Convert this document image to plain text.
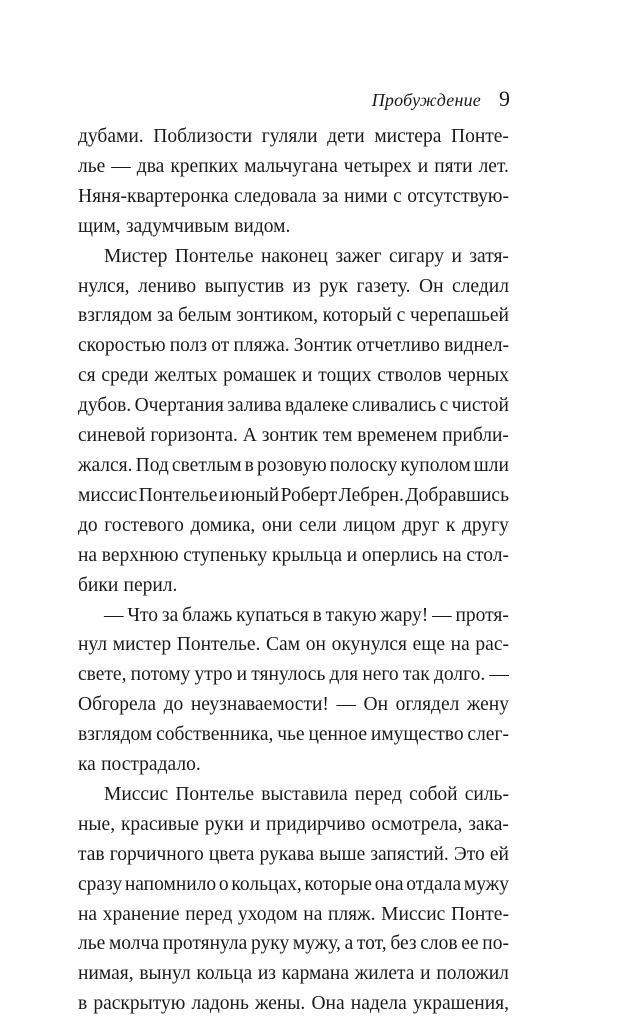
Пробуждение 9
дубами. Поблизости гуляли дети мистера Понте-
лье — два крепких мальчугана четырех и пяти лет.
Няня-квартеронка следовала за ними с отсутствую-
щим, задумчивым видом.
Мистер Понтелье наконец зажег сигару и затя-
нулся, лениво выпустив из рук газету. Он следил
взглядом за белым зонтиком, который с черепашьей
скоростью полз от пляжа. Зонтик отчетливо виднел-
ся среди желтых ромашек и тощих стволов черных
дубов. Очертания залива вдалеке сливались с чистой
синевой горизонта. А зонтик тем временем прибли-
жался. Под светлым в розовую полоску куполом шли
миссис Понтелье и юный Роберт Лебрен. Добравшись
до гостевого домика, они сели лицом друг к другу
на верхнюю ступеньку крыльца и оперлись на стол-
бики перил.
— Что за блажь купаться в такую жару! — протя-
нул мистер Понтелье. Сам он окунулся еще на рас-
свете, потому утро и тянулось для него так долго. —
Обгорела до неузнаваемости! — Он оглядел жену
взглядом собственника, чье ценное имущество слег-
ка пострадало.
Миссис Понтелье выставила перед собой силь-
ные, красивые руки и придирчиво осмотрела, зака-
тав горчичного цвета рукава выше запястий. Это ей
сразу напомнило о кольцах, которые она отдала мужу
на хранение перед уходом на пляж. Миссис Понте-
лье молча протянула руку мужу, а тот, без слов ее по-
нимая, вынул кольца из кармана жилета и положил
в раскрытую ладонь жены. Она надела украшения,
